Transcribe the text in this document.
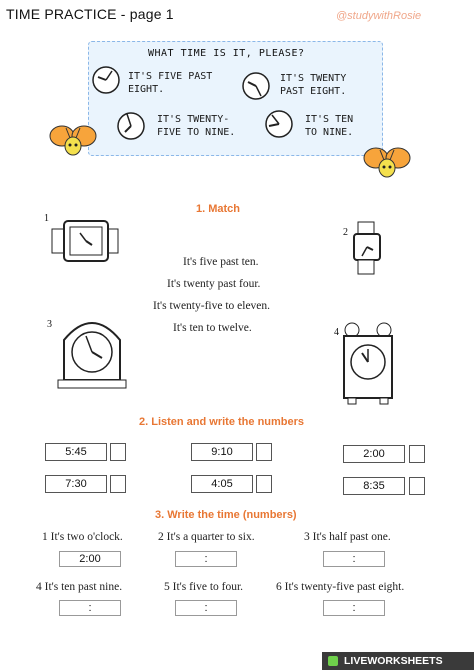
TIME PRACTICE - page 1	@studywithRosie
WHAT TIME IS IT, PLEASE?
IT'S FIVE PAST
EIGHT.
IT'S TWENTY
PAST EIGHT.
IT'S TWENTY-
FIVE TO NINE.
IT'S TEN
TO NINE.
1. Match
1
2
It's five past ten.
It's twenty past four.
It's twenty-five to eleven.
It's ten to twelve.
3
4
2. Listen and write the numbers
5:45	9:10	2:00
7:30	4:05	8:35
3. Write the time (numbers)
1 It's two o'clock.	2 It's a quarter to six.	3 It's half past one.
2:00	:	:
4 It's ten past nine.	5 It's five to four.	6 It's twenty-five past eight.
:	:	:
LIVEWORKSHEETS
